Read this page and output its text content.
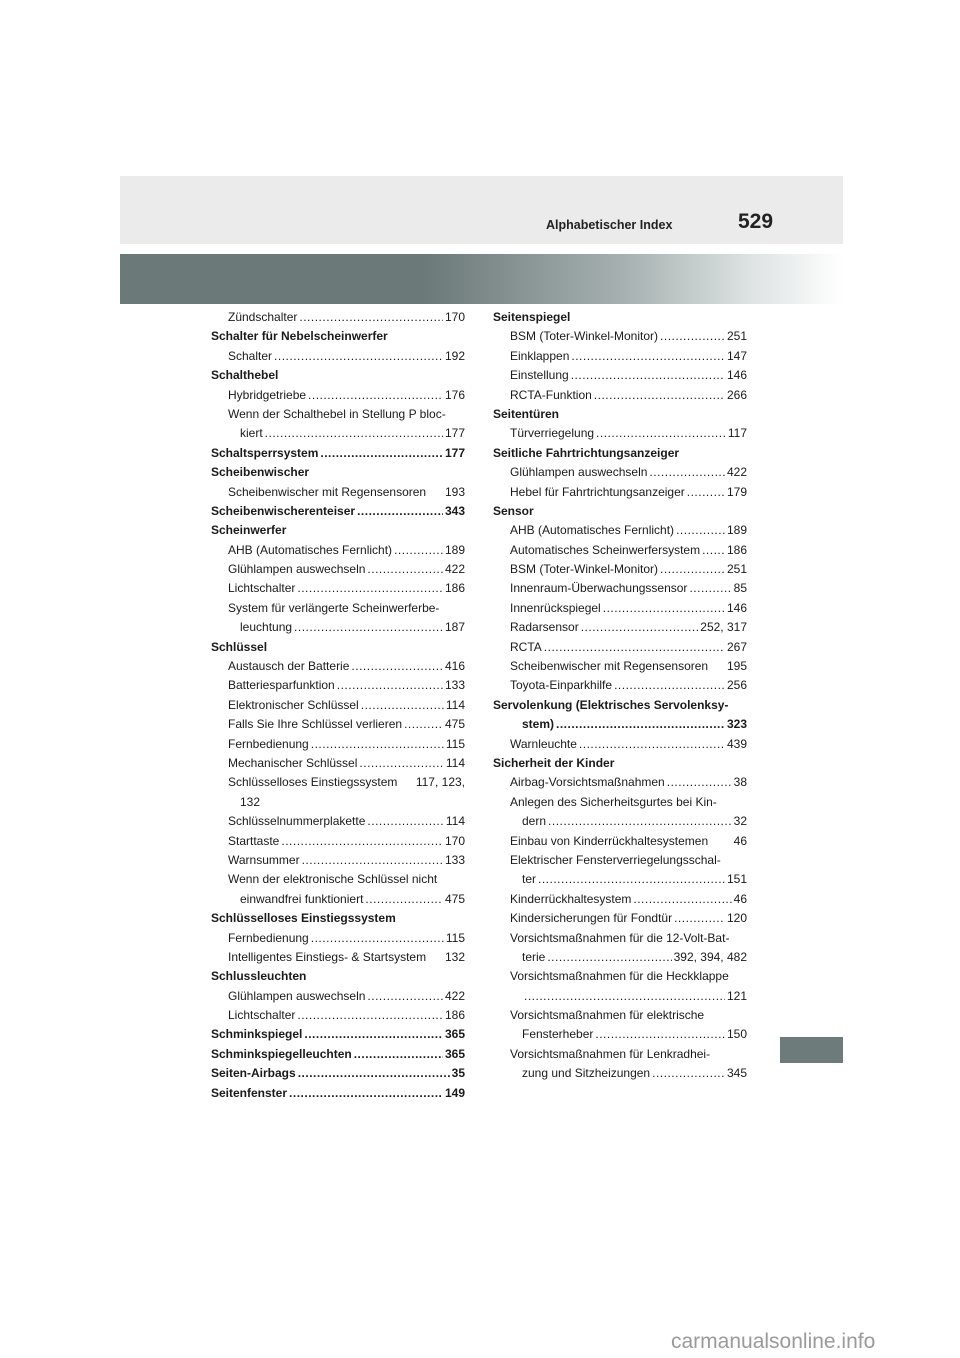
Alphabetischer Index	529
Zündschalter .....	170
Schalter für Nebelscheinwerfer
Schalter .....	192
Schalthebel
Hybridgetriebe .....	176
Wenn der Schalthebel in Stellung P bloc-
kiert .....	177
Schaltsperrsystem .....	177
Scheibenwischer
Scheibenwischer mit Regensensoren 193
Scheibenwischerenteiser .....	343
Scheinwerfer
AHB (Automatisches Fernlicht) .....	189
Glühlampen auswechseln .....	422
Lichtschalter .....	186
System für verlängerte Scheinwerferbe-
leuchtung .....	187
Schlüssel
Austausch der Batterie .....	416
Batteriesparfunktion .....	133
Elektronischer Schlüssel .....	114
Falls Sie Ihre Schlüssel verlieren .....	475
Fernbedienung .....	115
Mechanischer Schlüssel .....	114
Schlüsselloses Einstiegssystem 117, 123,
132
Schlüsselnummerplakette .....	114
Starttaste .....	170
Warnsummer .....	133
Wenn der elektronische Schlüssel nicht
einwandfrei funktioniert .....	475
Schlüsselloses Einstiegssystem
Fernbedienung .....	115
Intelligentes Einstiegs- & Startsystem 132
Schlussleuchten
Glühlampen auswechseln .....	422
Lichtschalter .....	186
Schminkspiegel .....	365
Schminkspiegelleuchten .....	365
Seiten-Airbags .....	35
Seitenfenster .....	149
Seitenspiegel
BSM (Toter-Winkel-Monitor) .....	251
Einklappen .....	147
Einstellung .....	146
RCTA-Funktion .....	266
Seitentüren
Türverriegelung .....	117
Seitliche Fahrtrichtungsanzeiger
Glühlampen auswechseln .....	422
Hebel für Fahrtrichtungsanzeiger .....	179
Sensor
AHB (Automatisches Fernlicht) .....	189
Automatisches Scheinwerfersystem ..... 186
BSM (Toter-Winkel-Monitor) .....	251
Innenraum-Überwachungssensor .....	85
Innenrückspiegel .....	146
Radarsensor .....	252, 317
RCTA .....	267
Scheibenwischer mit Regensensoren 195
Toyota-Einparkhilfe .....	256
Servolenkung (Elektrisches Servolenksy-
stem) .....	323
Warnleuchte .....	439
Sicherheit der Kinder
Airbag-Vorsichtsmaßnahmen .....	38
Anlegen des Sicherheitsgurtes bei Kin-
dern .....	32
Einbau von Kinderrückhaltesystemen 46
Elektrischer Fensterverriegelungsschal-
ter .....	151
Kinderrückhaltesystem .....	46
Kindersicherungen für Fondtür .....	120
Vorsichtsmaßnahmen für die 12-Volt-Bat-
terie .....	392, 394, 482
Vorsichtsmaßnahmen für die Heckklappe
.....
121
Vorsichtsmaßnahmen für elektrische
Fensterheber .....	150
Vorsichtsmaßnahmen für Lenkradhei-
zung und Sitzheizungen .....	345
carmanualsonline.info
